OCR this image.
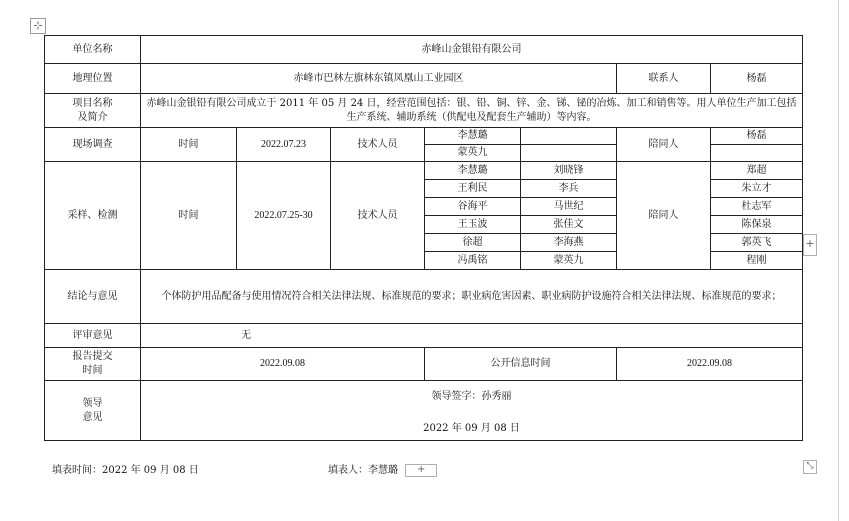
⊹
单位名称	赤峰山金银铅有限公司						
地理位置	赤峰市巴林左旗林东镇凤凰山工业园区					联系人	杨磊
项目名称
及简介	赤峰山金银铅有限公司成立于 2011 年 05 月 24 日，经营范围包括：银、铅、铜、锌、金、锑、铋的冶炼、加工和销售等。用人单位生产加工包括生产系统、辅助系统（供配电及配套生产辅助）等内容。						
现场调查	时间	2022.07.23	技术人员	李慧璐		陪同人	杨磊
				蒙英九			
采样、检测	时间	2022.07.25-30	技术人员	李慧璐	刘晓锋	陪同人	郑超
				王利民	李兵		朱立才
				谷海平	马世纪		杜志军
				王玉波	张佳文		陈保泉
				徐超	李海燕		郭英飞
				冯禹铭	蒙英九		程刚
结论与意见	个体防护用品配备与使用情况符合相关法律法规、标准规范的要求；职业病危害因素、职业病防护设施符合相关法律法规、标准规范的要求；						
评审意见	无						
报告提交
时间	2022.09.08			公开信息时间		2022.09.08	
领导
意见	领导签字：孙秀丽
2022 年 09 月 08 日						
+
填表时间：2022 年 09 月 08 日	填表人：李慧璐 +	⤡
